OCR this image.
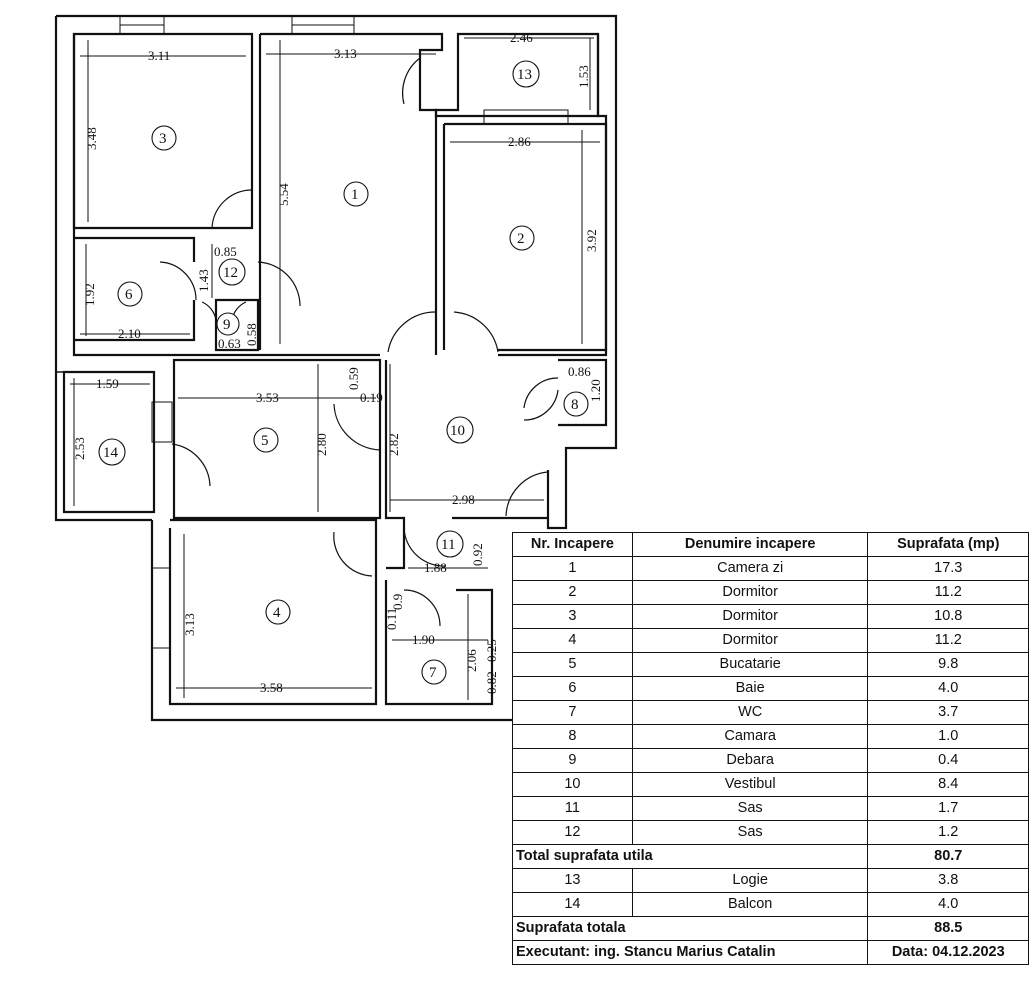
3.11
3.48
3.13
5.54
2.46
1.53
2.86
3.92
0.85
1.43
1.92
2.10	0.58
0.63
0.59
0.19
3.53
2.80	2.82
0.86
1.20
1.59
2.53
2.98
0.92
1.88
3.13	0.11
0.9
1.90
2.06 0.25
0.82
3.58
1
2
3
4
5
6
7
8
9
10
11
12
13
14
Nr. Incapere	Denumire incapere	Suprafata (mp)
1	Camera zi	17.3
2	Dormitor	11.2
3	Dormitor	10.8
4	Dormitor	11.2
5	Bucatarie	9.8
6	Baie	4.0
7	WC	3.7
8	Camara	1.0
9	Debara	0.4
10	Vestibul	8.4
11	Sas	1.7
12	Sas	1.2
Total suprafata utila		80.7
13	Logie	3.8
14	Balcon	4.0
Suprafata totala		88.5
Executant: ing. Stancu Marius Catalin		Data: 04.12.2023
